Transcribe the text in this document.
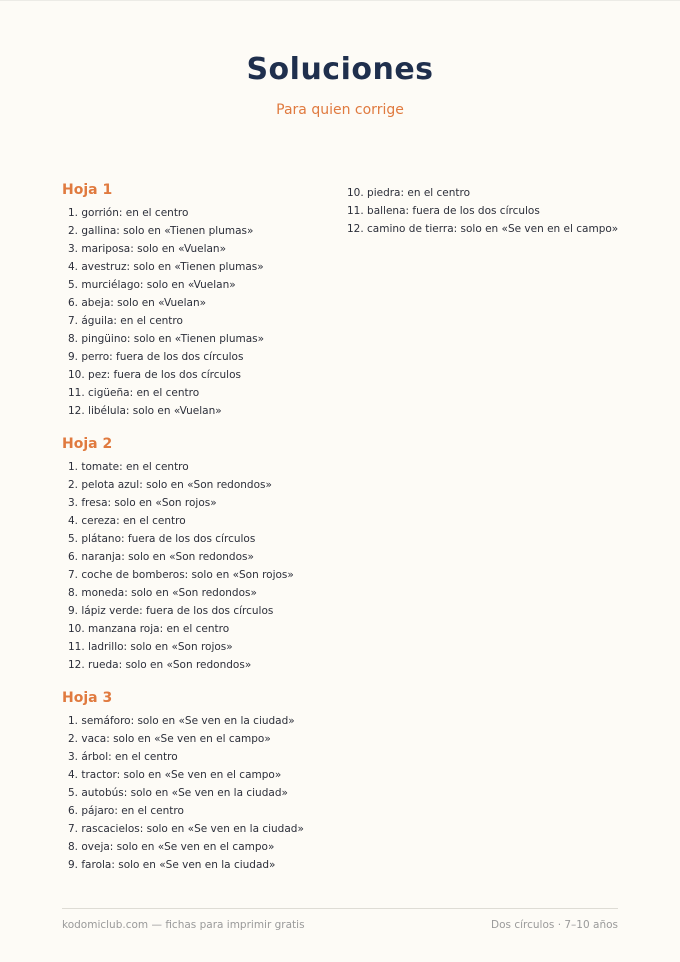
Soluciones
Para quien corrige
Hoja 1
1. gorrión: en el centro
2. gallina: solo en «Tienen plumas»
3. mariposa: solo en «Vuelan»
4. avestruz: solo en «Tienen plumas»
5. murciélago: solo en «Vuelan»
6. abeja: solo en «Vuelan»
7. águila: en el centro
8. pingüino: solo en «Tienen plumas»
9. perro: fuera de los dos círculos
10. pez: fuera de los dos círculos
11. cigüeña: en el centro
12. libélula: solo en «Vuelan»
Hoja 2
1. tomate: en el centro
2. pelota azul: solo en «Son redondos»
3. fresa: solo en «Son rojos»
4. cereza: en el centro
5. plátano: fuera de los dos círculos
6. naranja: solo en «Son redondos»
7. coche de bomberos: solo en «Son rojos»
8. moneda: solo en «Son redondos»
9. lápiz verde: fuera de los dos círculos
10. manzana roja: en el centro
11. ladrillo: solo en «Son rojos»
12. rueda: solo en «Son redondos»
Hoja 3
1. semáforo: solo en «Se ven en la ciudad»
2. vaca: solo en «Se ven en el campo»
3. árbol: en el centro
4. tractor: solo en «Se ven en el campo»
5. autobús: solo en «Se ven en la ciudad»
6. pájaro: en el centro
7. rascacielos: solo en «Se ven en la ciudad»
8. oveja: solo en «Se ven en el campo»
9. farola: solo en «Se ven en la ciudad»
10. piedra: en el centro
11. ballena: fuera de los dos círculos
12. camino de tierra: solo en «Se ven en el campo»
kodomiclub.com — fichas para imprimir gratis	Dos círculos · 7–10 años
